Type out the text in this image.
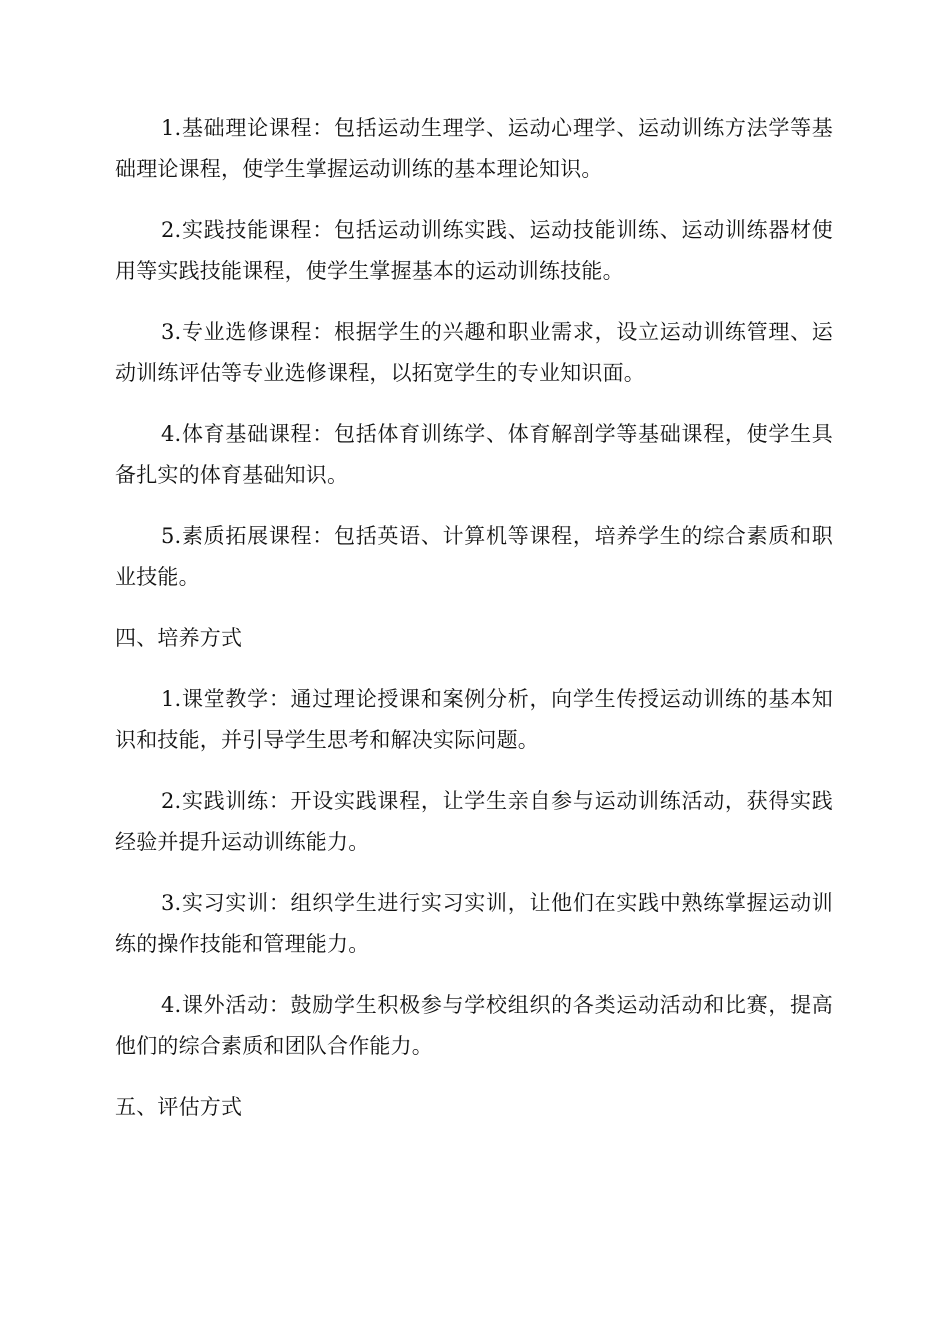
1.基础理论课程：包括运动生理学、运动心理学、运动训练方法学等基础理论课程，使学生掌握运动训练的基本理论知识。

2.实践技能课程：包括运动训练实践、运动技能训练、运动训练器材使用等实践技能课程，使学生掌握基本的运动训练技能。

3.专业选修课程：根据学生的兴趣和职业需求，设立运动训练管理、运动训练评估等专业选修课程，以拓宽学生的专业知识面。

4.体育基础课程：包括体育训练学、体育解剖学等基础课程，使学生具备扎实的体育基础知识。

5.素质拓展课程：包括英语、计算机等课程，培养学生的综合素质和职业技能。

四、培养方式

1.课堂教学：通过理论授课和案例分析，向学生传授运动训练的基本知识和技能，并引导学生思考和解决实际问题。

2.实践训练：开设实践课程，让学生亲自参与运动训练活动，获得实践经验并提升运动训练能力。

3.实习实训：组织学生进行实习实训，让他们在实践中熟练掌握运动训练的操作技能和管理能力。

4.课外活动：鼓励学生积极参与学校组织的各类运动活动和比赛，提高他们的综合素质和团队合作能力。

五、评估方式
